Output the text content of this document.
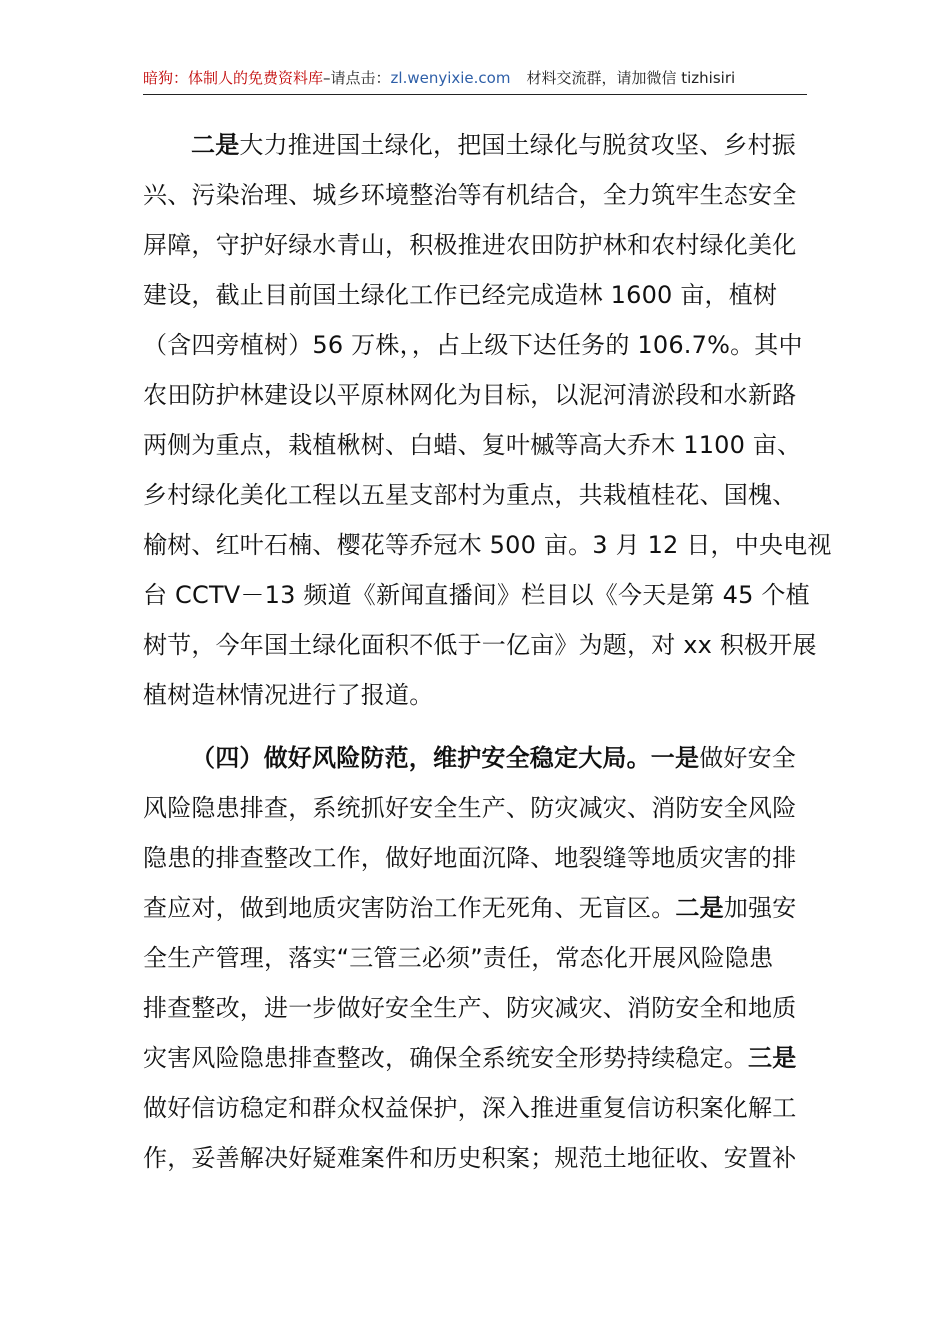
暗狗：体制人的免费资料库–请点击：zl.wenyixie.com 材料交流群，请加微信 tizhisiri

二是大力推进国土绿化，把国土绿化与脱贫攻坚、乡村振
兴、污染治理、城乡环境整治等有机结合，全力筑牢生态安全
屏障，守护好绿水青山，积极推进农田防护林和农村绿化美化
建设，截止目前国土绿化工作已经完成造林 1600 亩，植树
（含四旁植树）56 万株，，占上级下达任务的 106.7%。其中
农田防护林建设以平原林网化为目标，以泥河清淤段和水新路
两侧为重点，栽植楸树、白蜡、复叶槭等高大乔木 1100 亩、
乡村绿化美化工程以五星支部村为重点，共栽植桂花、国槐、
榆树、红叶石楠、樱花等乔冠木 500 亩。3 月 12 日，中央电视
台 CCTV－13 频道《新闻直播间》栏目以《今天是第 45 个植
树节，今年国土绿化面积不低于一亿亩》为题，对 xx 积极开展
植树造林情况进行了报道。

（四）做好风险防范，维护安全稳定大局。一是做好安全
风险隐患排查，系统抓好安全生产、防灾减灾、消防安全风险
隐患的排查整改工作，做好地面沉降、地裂缝等地质灾害的排
查应对，做到地质灾害防治工作无死角、无盲区。二是加强安
全生产管理，落实“三管三必须”责任，常态化开展风险隐患
排查整改，进一步做好安全生产、防灾减灾、消防安全和地质
灾害风险隐患排查整改，确保全系统安全形势持续稳定。三是
做好信访稳定和群众权益保护，深入推进重复信访积案化解工
作，妥善解决好疑难案件和历史积案；规范土地征收、安置补
